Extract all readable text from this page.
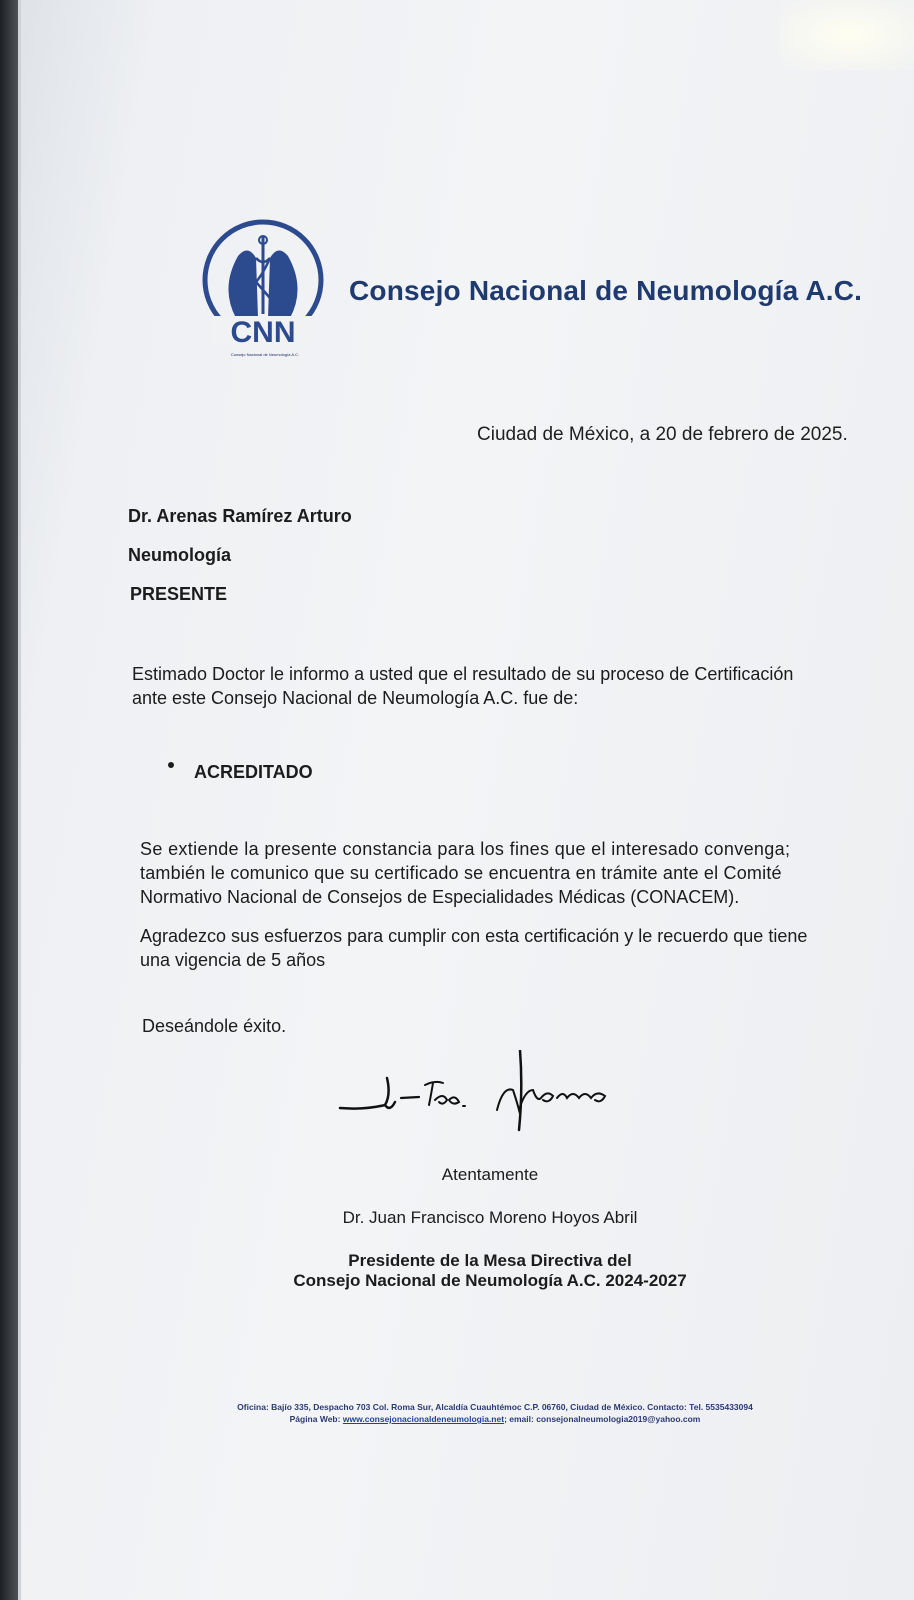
CNN
Consejo Nacional de Neumología A.C.
Consejo Nacional de Neumología A.C.
Ciudad de México, a 20 de febrero de 2025.
Dr. Arenas Ramírez Arturo
Neumología
PRESENTE
Estimado Doctor le informo a usted que el resultado de su proceso de Certificación
ante este Consejo Nacional de Neumología A.C. fue de:
ACREDITADO
Se extiende la presente constancia para los fines que el interesado convenga;
también le comunico que su certificado se encuentra en trámite ante el Comité
Normativo Nacional de Consejos de Especialidades Médicas (CONACEM).
Agradezco sus esfuerzos para cumplir con esta certificación y le recuerdo que tiene
una vigencia de 5 años
Deseándole éxito.
Atentamente
Dr. Juan Francisco Moreno Hoyos Abril
Presidente de la Mesa Directiva del
Consejo Nacional de Neumología A.C. 2024-2027
Oficina: Bajío 335, Despacho 703 Col. Roma Sur, Alcaldía Cuauhtémoc C.P. 06760, Ciudad de México. Contacto: Tel. 5535433094
Página Web: www.consejonacionaldeneumologia.net; email: consejonalneumologia2019@yahoo.com
